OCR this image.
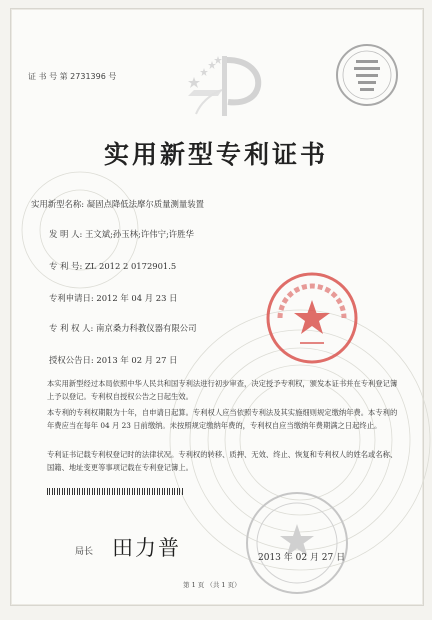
证 书 号 第 2731396 号
实用新型专利证书
实用新型名称: 凝固点降低法摩尔质量测量装置
发 明 人: 王文斌;孙玉林;许伟宁;许胜华
专 利 号: ZL 2012 2 0172901.5
专利申请日: 2012 年 04 月 23 日
专 利 权 人: 南京桑力科教仪器有限公司
授权公告日: 2013 年 02 月 27 日
本实用新型经过本局依照中华人民共和国专利法进行初步审查，决定授予专利权，颁发本证书并在专利登记簿上予以登记。专利权自授权公告之日起生效。
本专利的专利权期限为十年，自申请日起算。专利权人应当依照专利法及其实施细则规定缴纳年费。本专利的年费应当在每年 04 月 23 日前缴纳。未按照规定缴纳年费的，专利权自应当缴纳年费期满之日起终止。
专利证书记载专利权登记时的法律状况。专利权的转移、质押、无效、终止、恢复和专利权人的姓名或名称、国籍、地址变更等事项记载在专利登记簿上。
局长 田力普	2013 年 02 月 27 日
第 1 页 （共 1 页）
